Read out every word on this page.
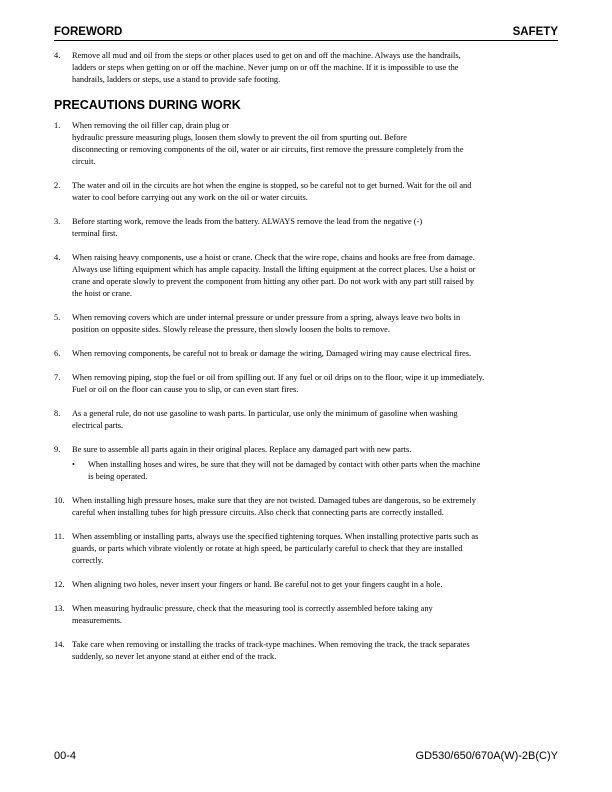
FOREWORD	SAFETY
4.	Remove all mud and oil from the steps or other places used to get on and off the machine. Always use the handrails,
ladders or steps when getting on or off the machine. Never jump on or off the machine. If it is impossible to use the
handrails, ladders or steps, use a stand to provide safe footing.
PRECAUTIONS DURING WORK
1.	When removing the oil filler cap, drain plug or
hydraulic pressure measuring plugs, loosen them slowly to prevent the oil from spurting out. Before
disconnecting or removing components of the oil, water or air circuits, first remove the pressure completely from the
circuit.
2.	The water and oil in the circuits are hot when the engine is stopped, so be careful not to get burned. Wait for the oil and
water to cool before carrying out any work on the oil or water circuits.
3.	Before starting work, remove the leads from the battery. ALWAYS remove the lead from the negative (-)
terminal first.
4.	When raising heavy components, use a hoist or crane. Check that the wire rope, chains and hooks are free from damage.
Always use lifting equipment which has ample capacity. Install the lifting equipment at the correct places. Use a hoist or
crane and operate slowly to prevent the component from hitting any other part. Do not work with any part still raised by
the hoist or crane.
5.	When removing covers which are under internal pressure or under pressure from a spring, always leave two bolts in
position on opposite sides. Slowly release the pressure, then slowly loosen the bolts to remove.
6.	When removing components, be careful not to break or damage the wiring, Damaged wiring may cause electrical fires.
7.	When removing piping, stop the fuel or oil from spilling out. If any fuel or oil drips on to the floor, wipe it up immediately.
Fuel or oil on the floor can cause you to slip, or can even start fires.
8.	As a general rule, do not use gasoline to wash parts. In particular, use only the minimum of gasoline when washing
electrical parts.
9.	Be sure to assemble all parts again in their original places. Replace any damaged part with new parts.
• When installing hoses and wires, be sure that they will not be damaged by contact with other parts when the machine
is being operated.
10. When installing high pressure hoses, make sure that they are not twisted. Damaged tubes are dangerous, so be extremely
careful when installing tubes for high pressure circuits. Also check that connecting parts are correctly installed.
11. When assembling or installing parts, always use the specified tightening torques. When installing protective parts such as
guards, or parts which vibrate violently or rotate at high speed, be particularly careful to check that they are installed
correctly.
12. When aligning two holes, never insert your fingers or hand. Be careful not to get your fingers caught in a hole.
13. When measuring hydraulic pressure, check that the measuring tool is correctly assembled before taking any
measurements.
14. Take care when removing or installing the tracks of track-type machines. When removing the track, the track separates
suddenly, so never let anyone stand at either end of the track.
00-4	GD530/650/670A(W)-2B(C)Y
